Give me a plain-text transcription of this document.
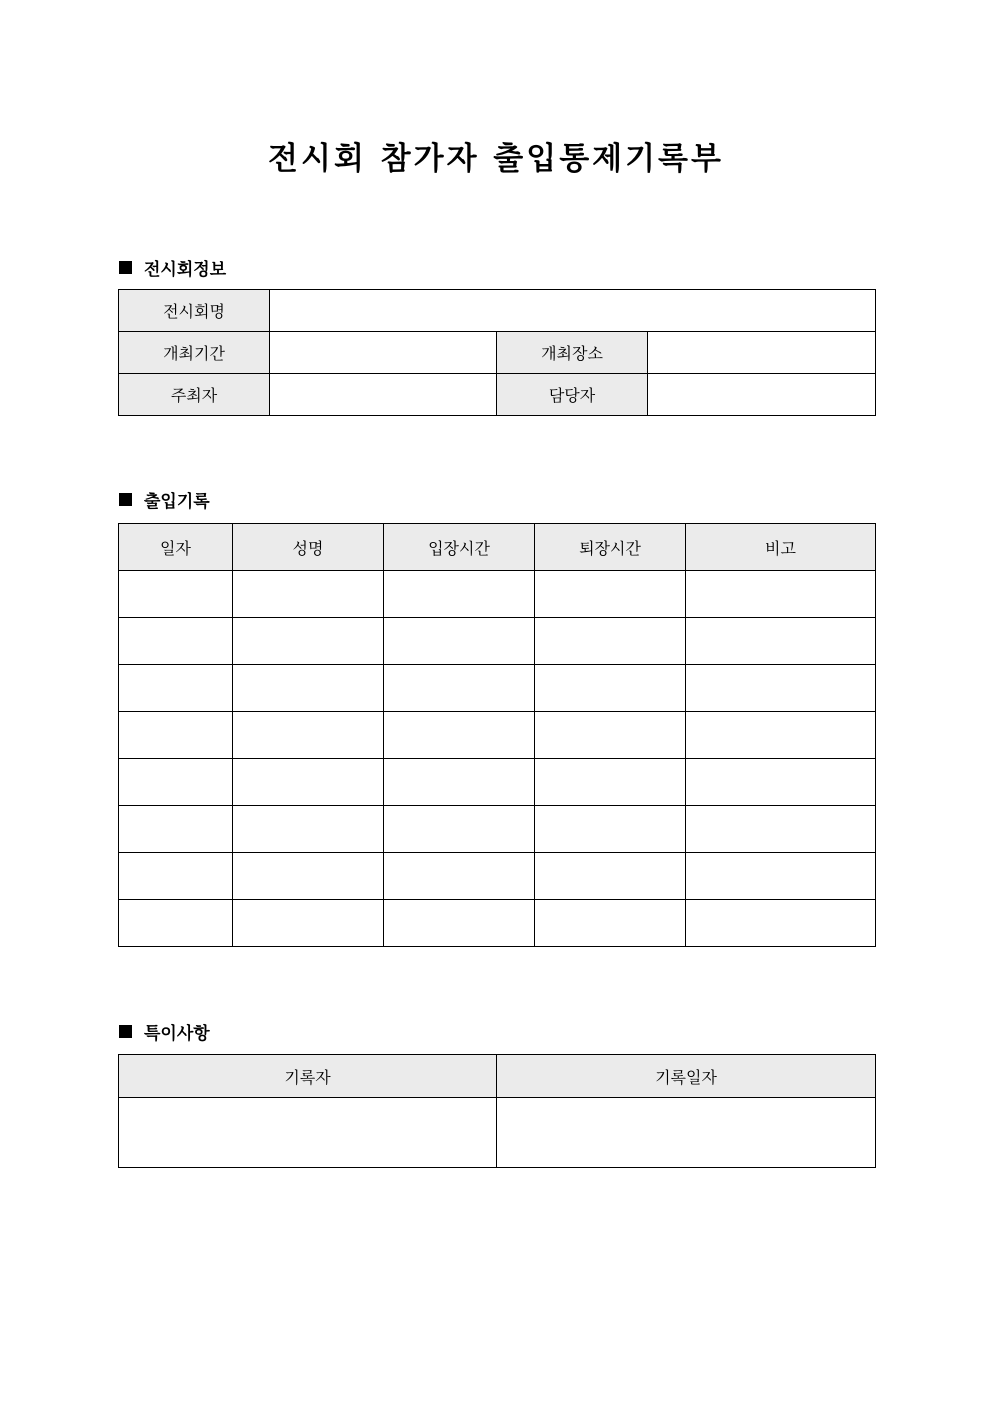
전시회 참가자 출입통제기록부
전시회정보
전시회명			
개최기간		개최장소	
주최자		담당자	
출입기록
일자	성명	입장시간	퇴장시간	비고

특이사항
기록자	기록일자
